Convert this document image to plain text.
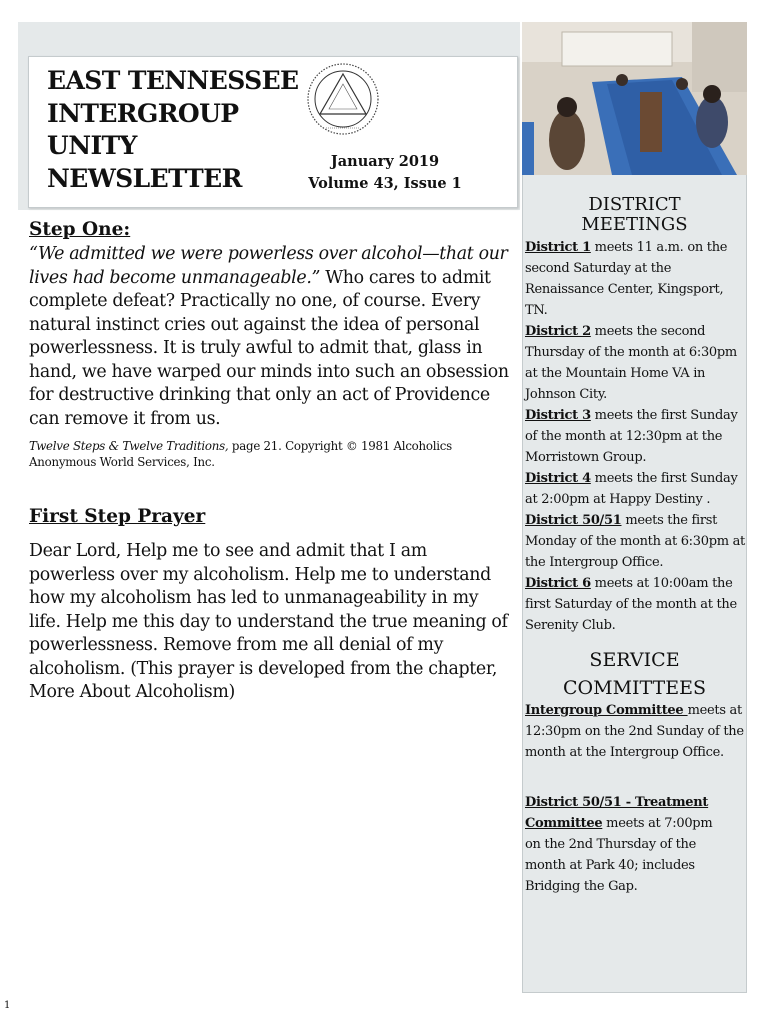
EAST TENNESSEE
INTERGROUP
UNITY
NEWSLETTER
January 2019
Volume 43, Issue 1
DISTRICT
MEETINGS
District 1 meets 11 a.m. on the second Saturday at the Renaissance Center, Kingsport, TN.
District 2 meets the second Thursday of the month at 6:30pm at the Mountain Home VA in Johnson City.
District 3 meets the first Sunday of the month at 12:30pm at the Morristown Group.
District 4 meets the first Sunday at 2:00pm at Happy Destiny .
District 50/51 meets the first Monday of the month at 6:30pm at the Intergroup Office.
District 6 meets at 10:00am the first Saturday of the month at the Serenity Club.
SERVICE
COMMITTEES
Intergroup Committee meets at 12:30pm on the 2nd Sunday of the month at the Intergroup Office.
District 50/51 - Treatment Committee meets at 7:00pm on the 2nd Thursday of the month at Park 40; includes Bridging the Gap.
Step One:
“We admitted we were powerless over alcohol—that our lives had become unmanageable.” Who cares to admit complete defeat? Practically no one, of course. Every natural instinct cries out against the idea of personal powerlessness. It is truly awful to admit that, glass in hand, we have warped our minds into such an obsession for destructive drinking that only an act of Providence can remove it from us.
Twelve Steps & Twelve Traditions, page 21. Copyright © 1981 Alcoholics Anonymous World Services, Inc.
First Step Prayer
Dear Lord, Help me to see and admit that I am powerless over my alcoholism. Help me to understand how my alcoholism has led to unmanageability in my life. Help me this day to understand the true meaning of powerlessness. Remove from me all denial of my alcoholism. (This prayer is developed from the chapter, More About Alcoholism)
1
